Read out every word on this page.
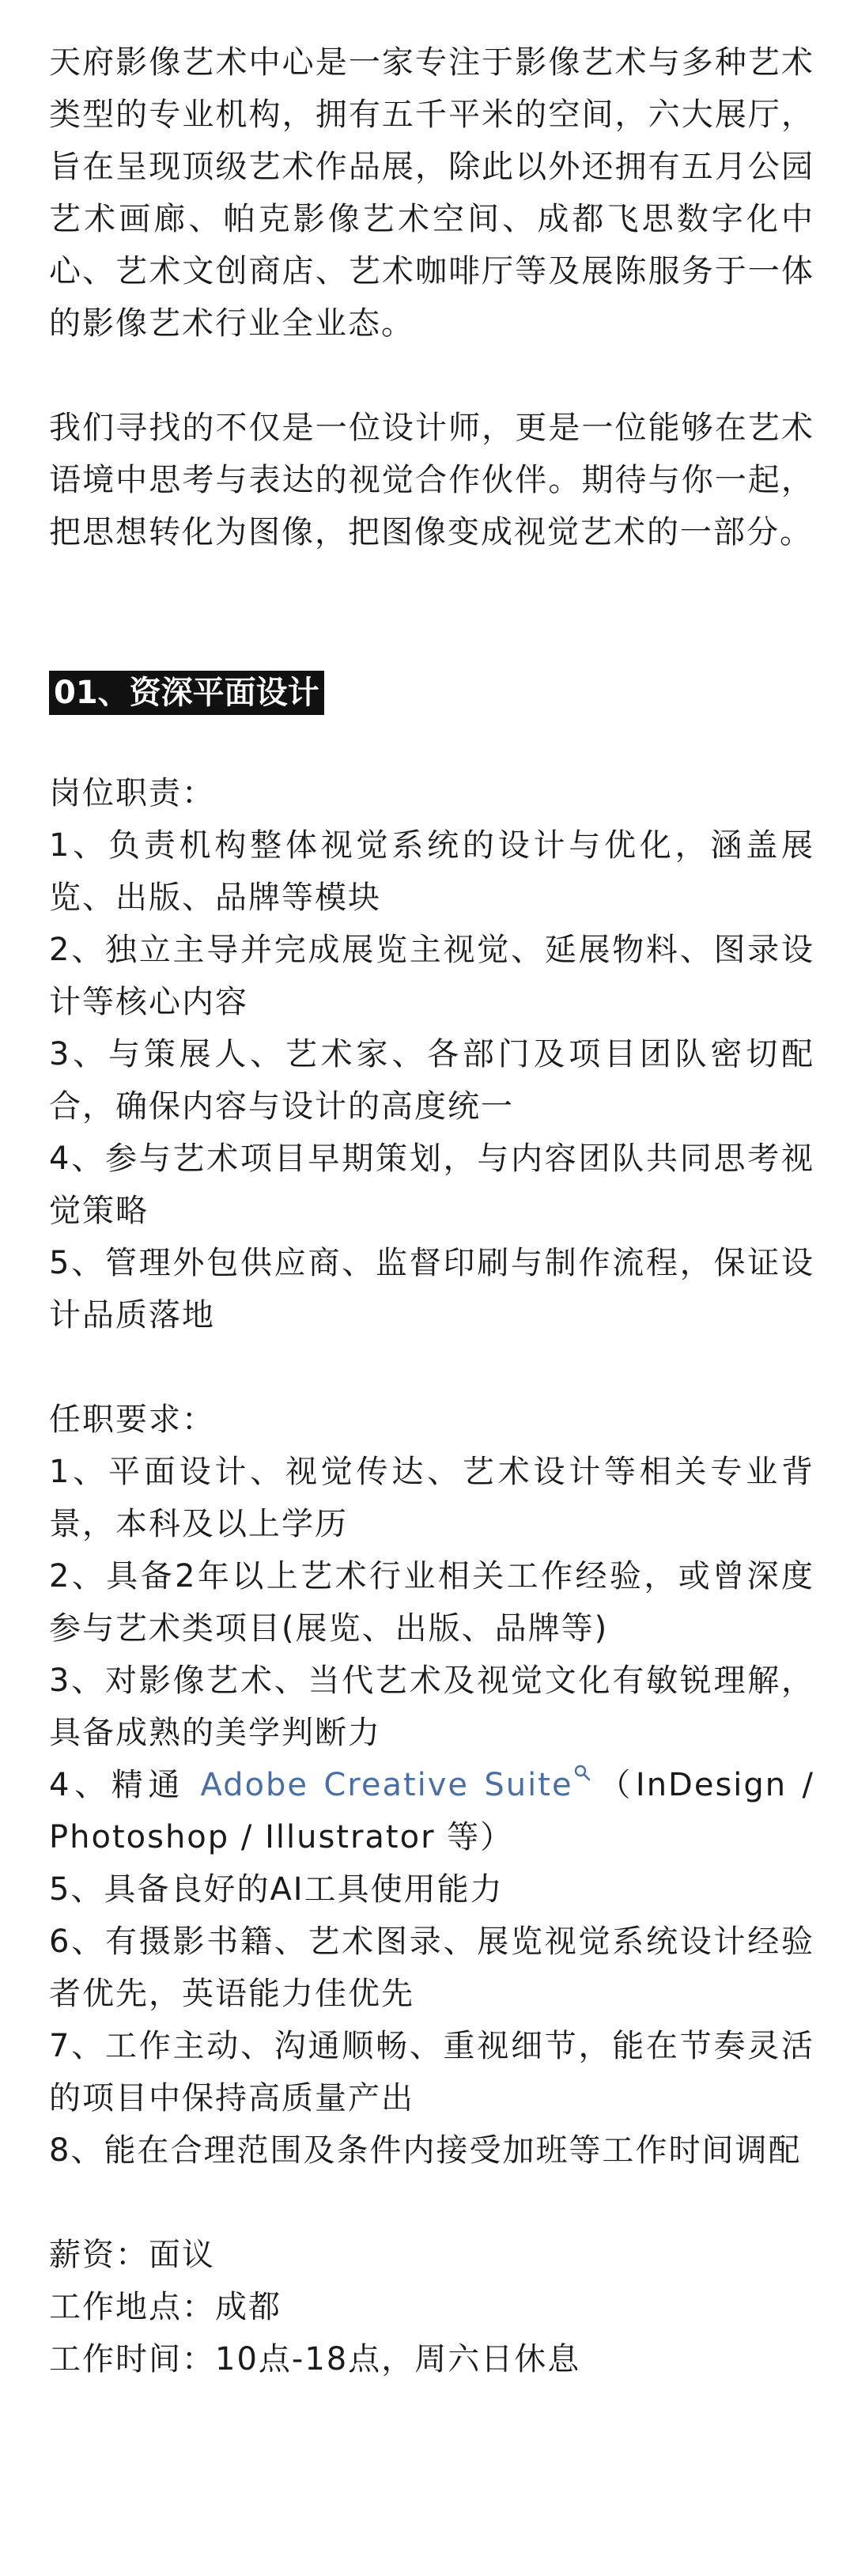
天府影像艺术中心是一家专注于影像艺术与多种艺术类型的专业机构，拥有五千平米的空间，六大展厅，旨在呈现顶级艺术作品展，除此以外还拥有五月公园艺术画廊、帕克影像艺术空间、成都飞思数字化中心、艺术文创商店、艺术咖啡厅等及展陈服务于一体的影像艺术行业全业态。

我们寻找的不仅是一位设计师，更是一位能够在艺术语境中思考与表达的视觉合作伙伴。期待与你一起，把思想转化为图像，把图像变成视觉艺术的一部分。

01、资深平面设计

岗位职责：

1、负责机构整体视觉系统的设计与优化，涵盖展览、出版、品牌等模块

2、独立主导并完成展览主视觉、延展物料、图录设计等核心内容

3、与策展人、艺术家、各部门及项目团队密切配合，确保内容与设计的高度统一

4、参与艺术项目早期策划，与内容团队共同思考视觉策略

5、管理外包供应商、监督印刷与制作流程，保证设计品质落地

任职要求：

1、平面设计、视觉传达、艺术设计等相关专业背景，本科及以上学历

2、具备2年以上艺术行业相关工作经验，或曾深度参与艺术类项目(展览、出版、品牌等)

3、对影像艺术、当代艺术及视觉文化有敏锐理解，具备成熟的美学判断力

4、精通 Adobe Creative Suite （InDesign / Photoshop / Illustrator 等）

5、具备良好的AI工具使用能力

6、有摄影书籍、艺术图录、展览视觉系统设计经验者优先，英语能力佳优先

7、工作主动、沟通顺畅、重视细节，能在节奏灵活的项目中保持高质量产出

8、能在合理范围及条件内接受加班等工作时间调配

薪资：面议

工作地点：成都

工作时间：10点-18点，周六日休息
